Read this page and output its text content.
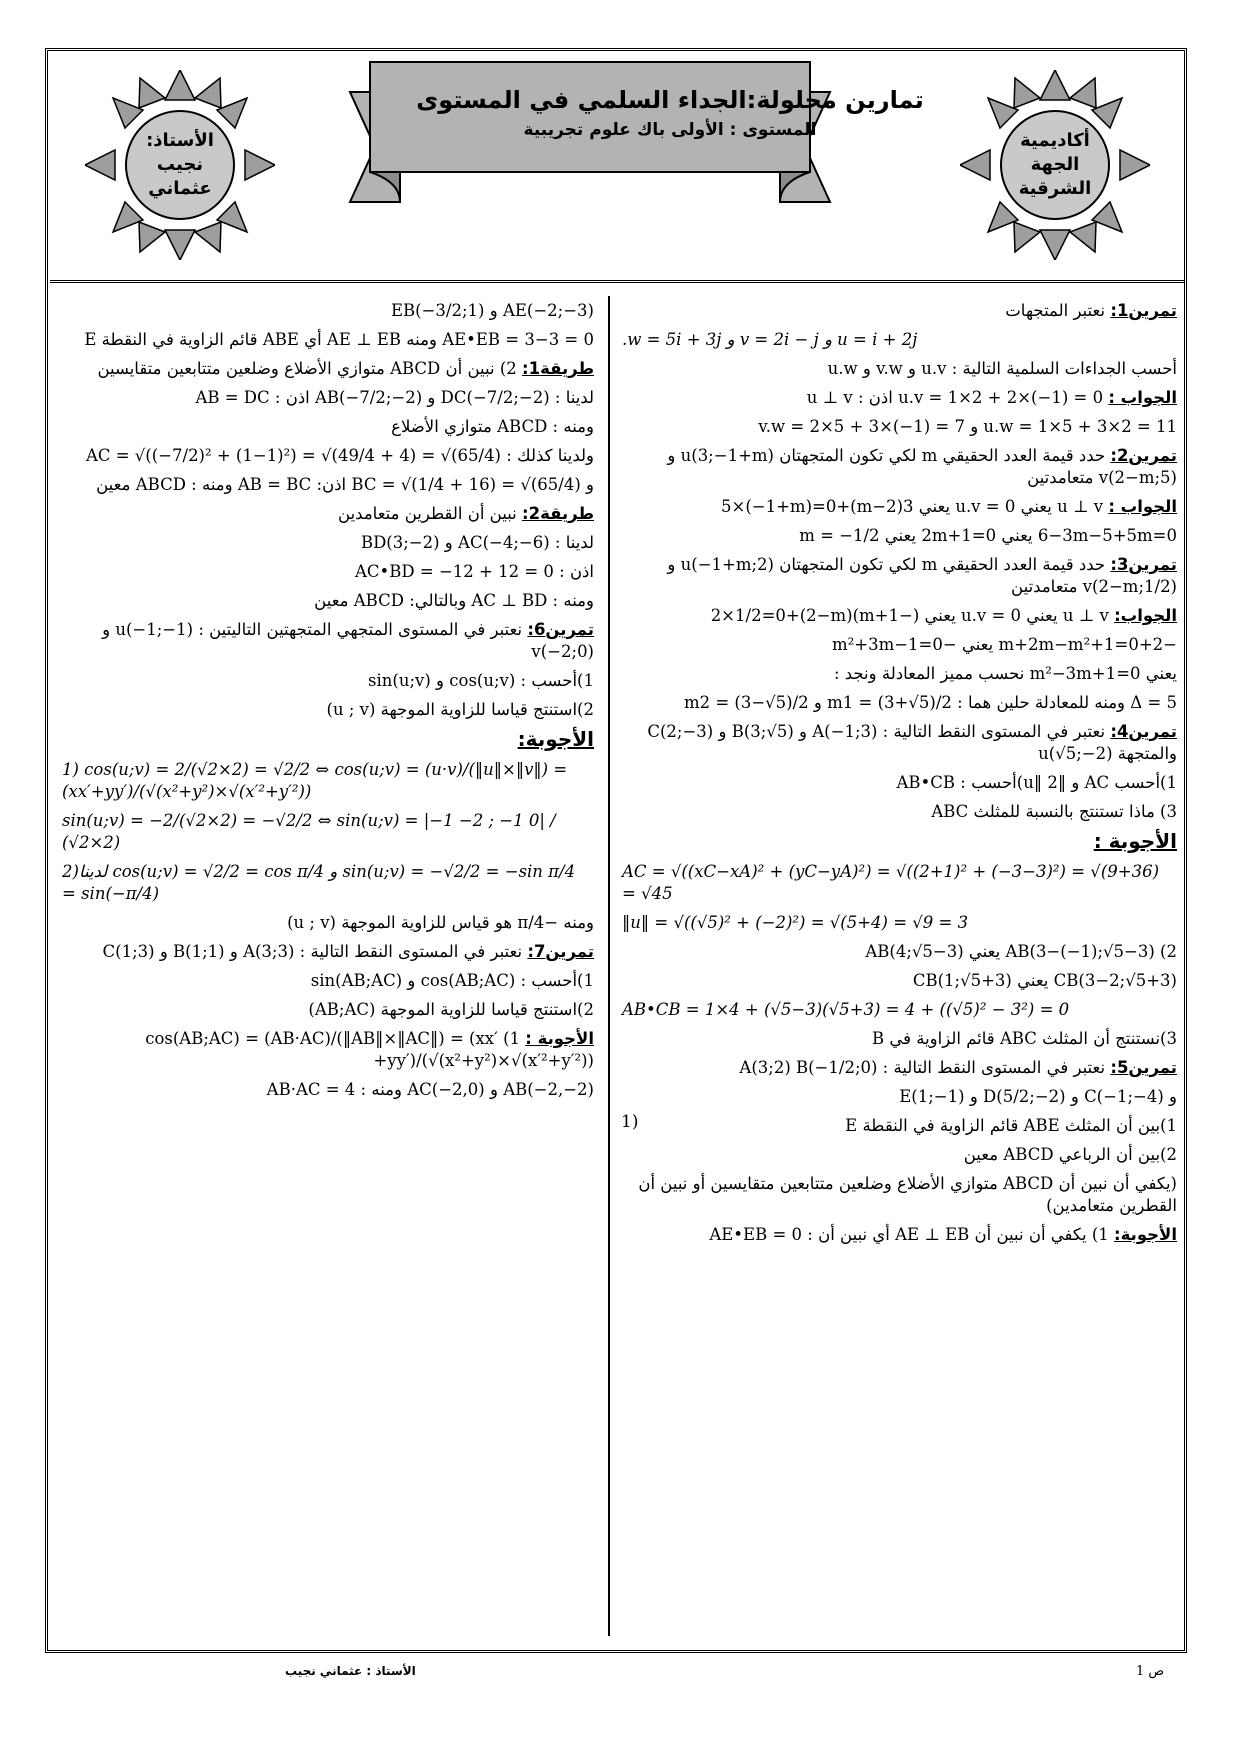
الأستاذ: نجيب عثماني
تمارين محلولة:الجداء السلمي في المستوى
المستوى : الأولى باك علوم تجريبية	أكاديمية الجهة الشرقية
1)

تمرين1: نعتبر المتجهات

.w = 5i + 3j و v = 2i − j و u = i + 2j

أحسب الجداءات السلمية التالية : u.v و v.w و u.w

الجواب : u.v = 1×2 + 2×(−1) = 0 اذن : u ⊥ v

u.w = 1×5 + 3×2 = 11 و v.w = 2×5 + 3×(−1) = 7

تمرين2: حدد قيمة العدد الحقيقي m لكي تكون المتجهتان u(3;−1+m) و v(2−m;5) متعامدتين

الجواب : u ⊥ v يعني u.v = 0 يعني 3(2−m)+5×(−1+m)=0

6−3m−5+5m=0 يعني 2m+1=0 يعني m = −1/2

تمرين3: حدد قيمة العدد الحقيقي m لكي تكون المتجهتان u(−1+m;2) و v(2−m;1/2) متعامدتين

الجواب: u ⊥ v يعني u.v = 0 يعني (−1+m)(2−m)+2×1/2=0

−2+m+2m−m²+1=0 يعني −m²+3m−1=0

يعني m²−3m+1=0 نحسب مميز المعادلة ونجد :

Δ = 5 ومنه للمعادلة حلين هما : m1 = (3+√5)/2 و m2 = (3−√5)/2

تمرين4: نعتبر في المستوى النقط التالية : A(−1;3) و B(3;√5) و C(2;−3) والمتجهة u(√5;−2)

1)أحسب AC و ‖u‖ 2)أحسب : AB•CB

3) ماذا تستنتج بالنسبة للمثلث ABC

الأجوبة :

AC = √((xC−xA)² + (yC−yA)²) = √((2+1)² + (−3−3)²) = √(9+36) = √45

‖u‖ = √((√5)² + (−2)²) = √(5+4) = √9 = 3

2) AB(3−(−1);√5−3) يعني AB(4;√5−3)

CB(3−2;√5+3) يعني CB(1;√5+3)

AB•CB = 1×4 + (√5−3)(√5+3) = 4 + ((√5)² − 3²) = 0

3)نستنتج أن المثلث ABC قائم الزاوية في B

تمرين5: نعتبر في المستوى النقط التالية : A(3;2) B(−1/2;0)

و C(−1;−4) و D(5/2;−2) و E(1;−1)

1)بين أن المثلث ABE قائم الزاوية في النقطة E

2)بين أن الرباعي ABCD معين

(يكفي أن نبين أن ABCD متوازي الأضلاع وضلعين متتابعين متقايسين أو نبين أن القطرين متعامدين)

الأجوبة: 1) يكفي أن نبين أن AE ⊥ EB أي نبين أن : AE•EB = 0

AE(−2;−3) و EB(−3/2;1)

AE•EB = 3−3 = 0 ومنه AE ⊥ EB أي ABE قائم الزاوية في النقطة E

طريقة1: 2) نبين أن ABCD متوازي الأضلاع وضلعين متتابعين متقايسين

لدينا : DC(−7/2;−2) و AB(−7/2;−2) اذن : AB = DC

ومنه : ABCD متوازي الأضلاع

ولدينا كذلك : AC = √((−7/2)² + (1−1)²) = √(49/4 + 4) = √(65/4)

و BC = √(1/4 + 16) = √(65/4) اذن: AB = BC ومنه : ABCD معين

طريقة2: نبين أن القطرين متعامدين

لدينا : AC(−4;−6) و BD(3;−2)

اذن : AC•BD = −12 + 12 = 0

ومنه : AC ⊥ BD وبالتالي: ABCD معين

تمرين6: نعتبر في المستوى المتجهي المتجهتين التاليتين : u(−1;−1) و v(−2;0)

1)أحسب : cos(u;v) و sin(u;v)

2)استنتج قياسا للزاوية الموجهة (u ; v)

الأجوبة:

1) cos(u;v) = 2/(√2×2) = √2/2 ⇔ cos(u;v) = (u·v)/(‖u‖×‖v‖) = (xx′+yy′)/(√(x²+y²)×√(x′²+y′²))

sin(u;v) = −2/(√2×2) = −√2/2 ⇔ sin(u;v) = |−1 −2 ; −1 0| / (√2×2)

2)لدينا cos(u;v) = √2/2 = cos π/4 و sin(u;v) = −√2/2 = −sin π/4 = sin(−π/4)

ومنه −π/4 هو قياس للزاوية الموجهة (u ; v)

تمرين7: نعتبر في المستوى النقط التالية : A(3;3) و B(1;1) و C(1;3)

1)أحسب : cos(AB;AC) و sin(AB;AC)

2)استنتج قياسا للزاوية الموجهة (AB;AC)

الأجوبة : 1) cos(AB;AC) = (AB·AC)/(‖AB‖×‖AC‖) = (xx′+yy′)/(√(x²+y²)×√(x′²+y′²))

AB(−2,−2) و AC(−2,0) ومنه : AB·AC = 4

الأستاذ : عثماني نجيب	ص 1
